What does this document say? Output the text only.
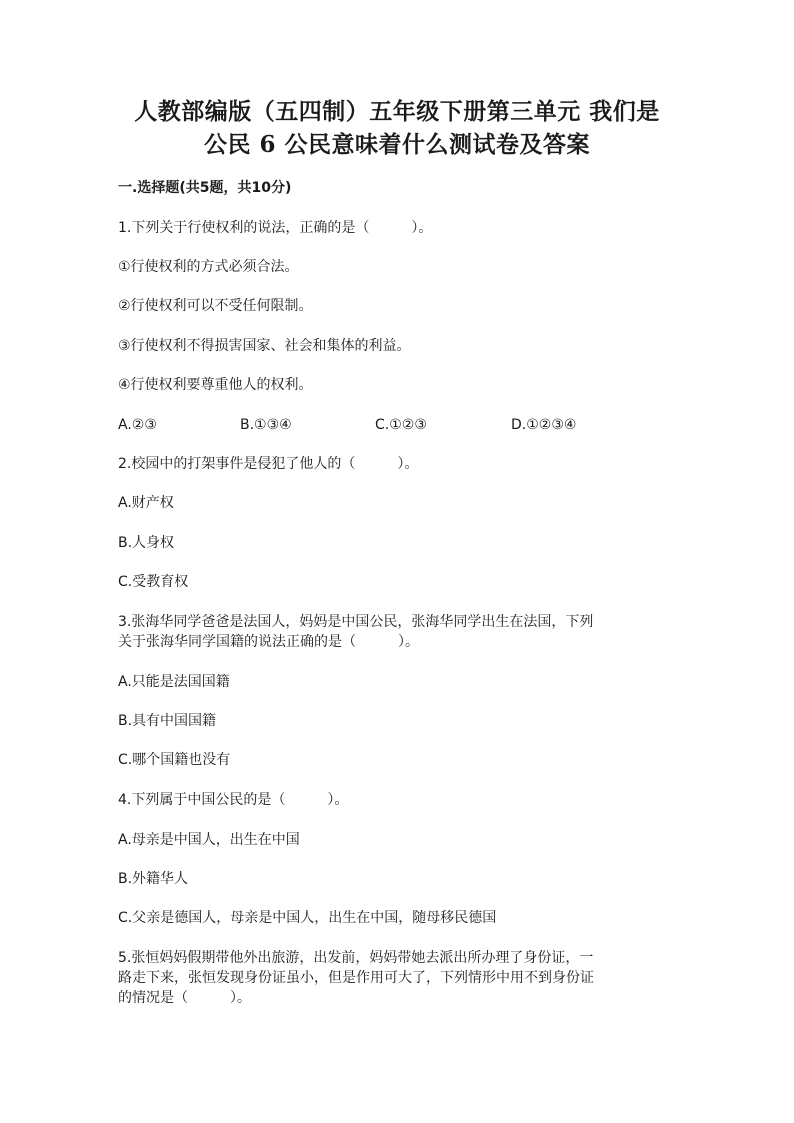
人教部编版（五四制）五年级下册第三单元 我们是
公民 6 公民意味着什么测试卷及答案
一.选择题(共5题，共10分)
1.下列关于行使权利的说法，正确的是（　　　）。
①行使权利的方式必须合法。
②行使权利可以不受任何限制。
③行使权利不得损害国家、社会和集体的利益。
④行使权利要尊重他人的权利。
A.②③	B.①③④	C.①②③	D.①②③④
2.校园中的打架事件是侵犯了他人的（　　　）。
A.财产权
B.人身权
C.受教育权
3.张海华同学爸爸是法国人，妈妈是中国公民，张海华同学出生在法国，下列
关于张海华同学国籍的说法正确的是（　　　）。
A.只能是法国国籍
B.具有中国国籍
C.哪个国籍也没有
4.下列属于中国公民的是（　　　）。
A.母亲是中国人，出生在中国
B.外籍华人
C.父亲是德国人，母亲是中国人，出生在中国，随母移民德国
5.张恒妈妈假期带他外出旅游，出发前，妈妈带她去派出所办理了身份证，一
路走下来，张恒发现身份证虽小，但是作用可大了，下列情形中用不到身份证
的情况是（　　　）。
